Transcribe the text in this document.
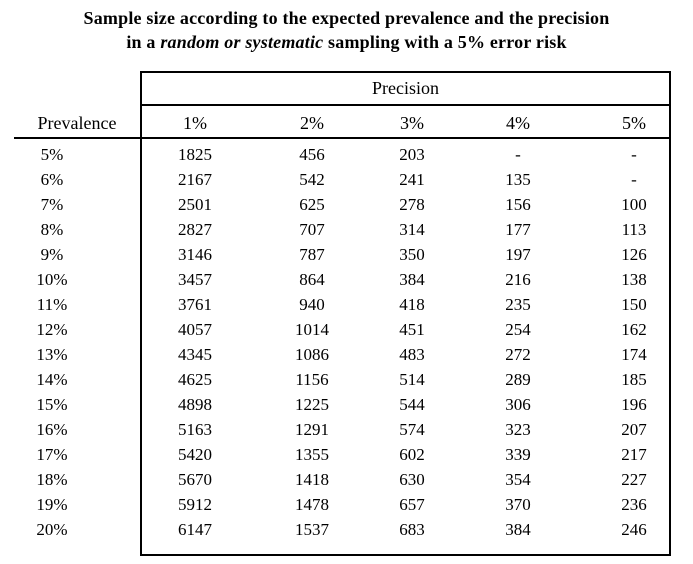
Sample size according to the expected prevalence and the precision
in a random or systematic sampling with a 5% error risk
Precision
Prevalence	1%	2%	3%	4%	5%
5%	1825	456	203	-	-
6%	2167	542	241	135	-
7%	2501	625	278	156	100
8%	2827	707	314	177	113
9%	3146	787	350	197	126
10%	3457	864	384	216	138
11%	3761	940	418	235	150
12%	4057	1014	451	254	162
13%	4345	1086	483	272	174
14%	4625	1156	514	289	185
15%	4898	1225	544	306	196
16%	5163	1291	574	323	207
17%	5420	1355	602	339	217
18%	5670	1418	630	354	227
19%	5912	1478	657	370	236
20%	6147	1537	683	384	246
